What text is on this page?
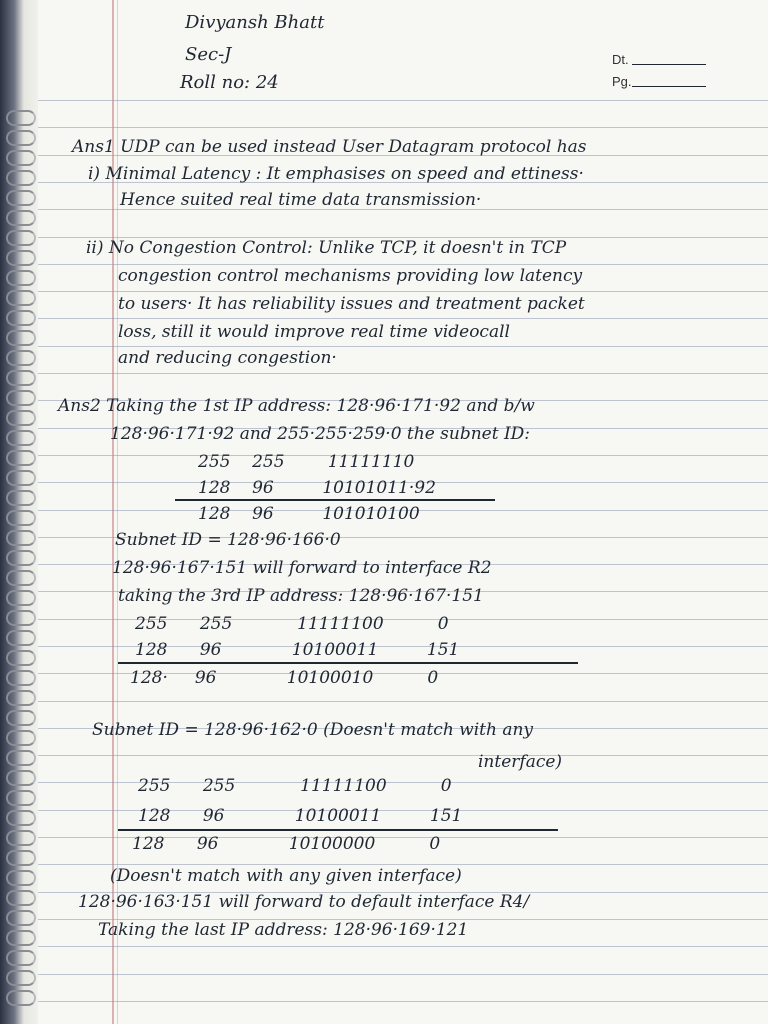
Divyansh Bhatt
Sec-J
Roll no: 24
Dt.
Pg.
Ans1 UDP can be used instead User Datagram protocol has
i) Minimal Latency : It emphasises on speed and ettiness·
Hence suited real time data transmission·
ii) No Congestion Control: Unlike TCP, it doesn't in TCP
congestion control mechanisms providing low latency
to users· It has reliability issues and treatment packet
loss, still it would improve real time videocall
and reducing congestion·
Ans2 Taking the 1st IP address: 128·96·171·92 and b/w
128·96·171·92 and 255·255·259·0 the subnet ID:
255    255        11111110
128    96         10101011·92
128    96         101010100
Subnet ID = 128·96·166·0
128·96·167·151 will forward to interface R2
taking the 3rd IP address: 128·96·167·151
255      255            11111100          0
128      96             10100011         151
128·     96             10100010          0
Subnet ID = 128·96·162·0 (Doesn't match with any
interface)
255      255            11111100          0
128      96             10100011         151
128      96             10100000          0
(Doesn't match with any given interface)
128·96·163·151 will forward to default interface R4/
Taking the last IP address: 128·96·169·121
